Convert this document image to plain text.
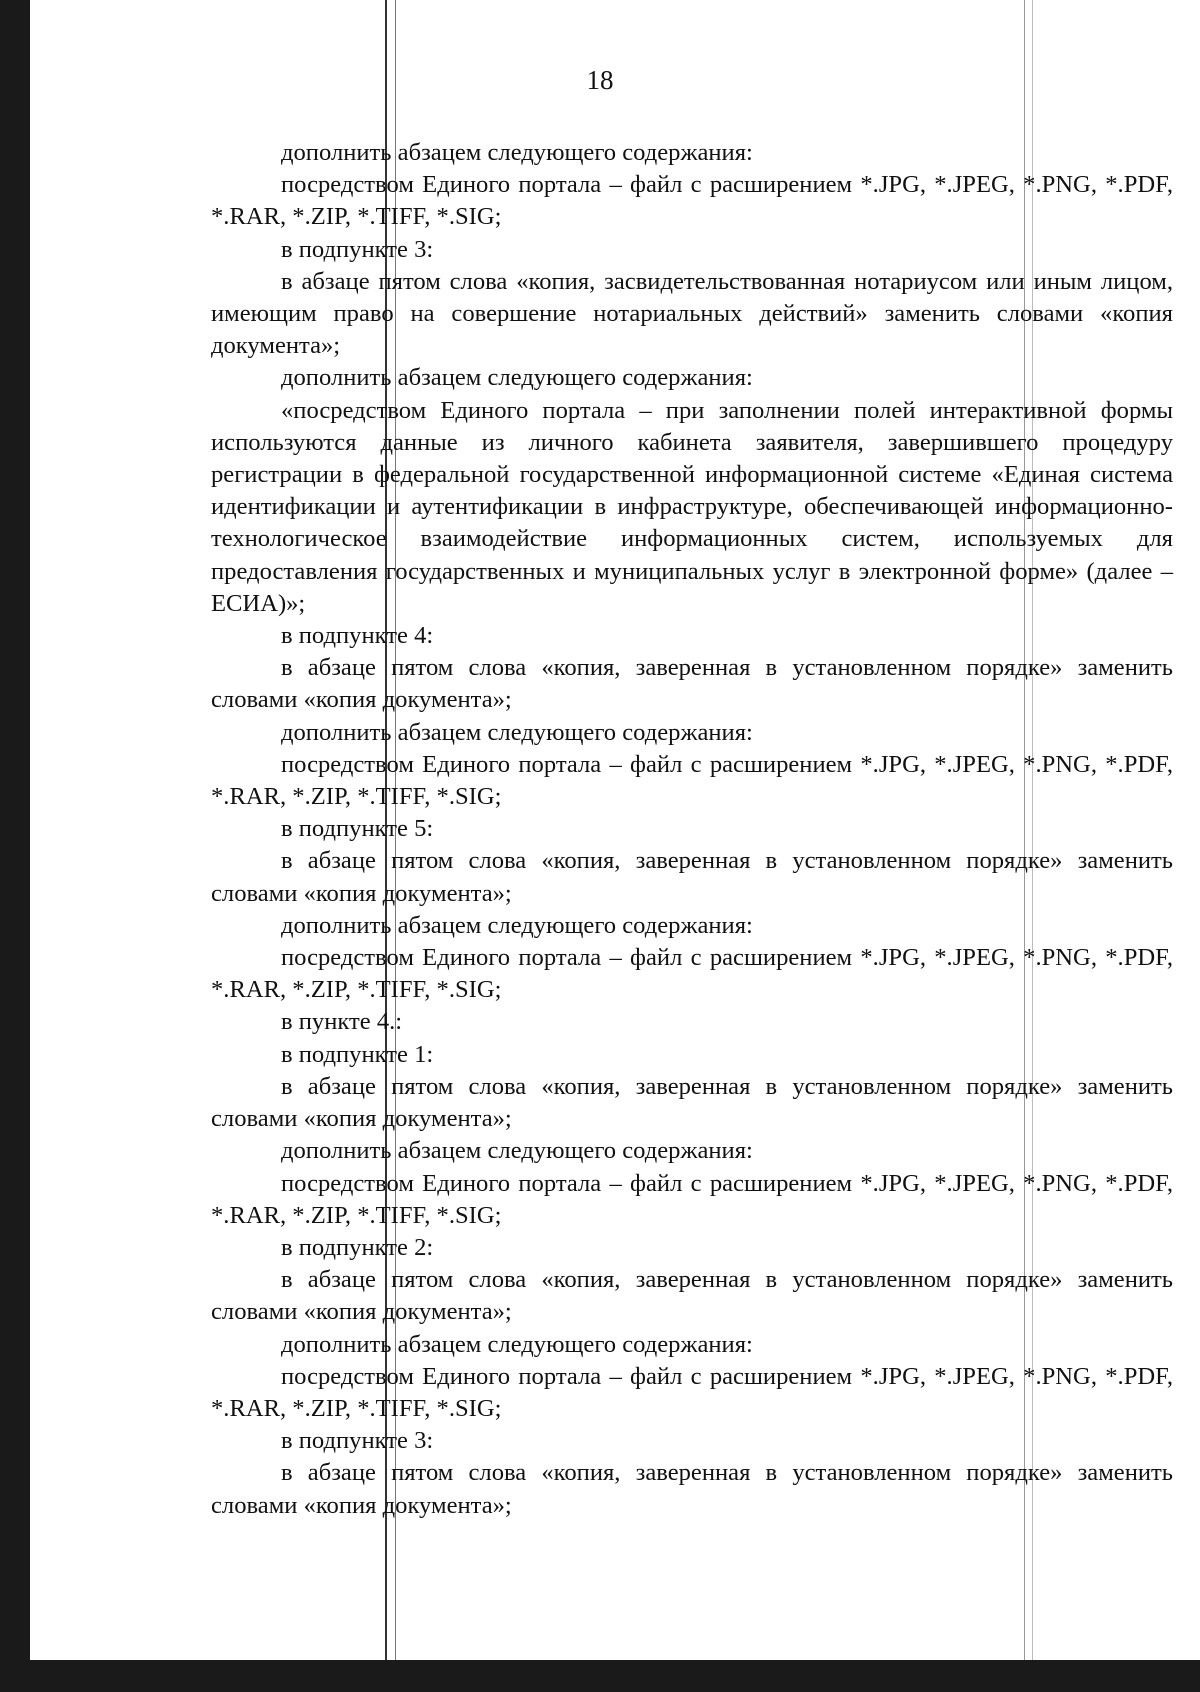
18

дополнить абзацем следующего содержания:

посредством Единого портала – файл с расширением *.JPG, *.JPEG, *.PNG, *.PDF, *.RAR, *.ZIP, *.TIFF, *.SIG;

в подпункте 3:

в абзаце пятом слова «копия, засвидетельствованная нотариусом или иным лицом, имеющим право на совершение нотариальных действий» заменить словами «копия документа»;

дополнить абзацем следующего содержания:

«посредством Единого портала – при заполнении полей интерактивной формы используются данные из личного кабинета заявителя, завершившего процедуру регистрации в федеральной государственной информационной системе «Единая система идентификации и аутентификации в инфраструктуре, обеспечивающей информационно-технологическое взаимодействие информационных систем, используемых для предоставления государственных и муниципальных услуг в электронной форме» (далее – ЕСИА)»;

в подпункте 4:

в абзаце пятом слова «копия, заверенная в установленном порядке» заменить словами «копия документа»;

дополнить абзацем следующего содержания:

посредством Единого портала – файл с расширением *.JPG, *.JPEG, *.PNG, *.PDF, *.RAR, *.ZIP, *.TIFF, *.SIG;

в подпункте 5:

в абзаце пятом слова «копия, заверенная в установленном порядке» заменить словами «копия документа»;

дополнить абзацем следующего содержания:

посредством Единого портала – файл с расширением *.JPG, *.JPEG, *.PNG, *.PDF, *.RAR, *.ZIP, *.TIFF, *.SIG;

в пункте 4.:

в подпункте 1:

в абзаце пятом слова «копия, заверенная в установленном порядке» заменить словами «копия документа»;

дополнить абзацем следующего содержания:

посредством Единого портала – файл с расширением *.JPG, *.JPEG, *.PNG, *.PDF, *.RAR, *.ZIP, *.TIFF, *.SIG;

в подпункте 2:

в абзаце пятом слова «копия, заверенная в установленном порядке» заменить словами «копия документа»;

дополнить абзацем следующего содержания:

посредством Единого портала – файл с расширением *.JPG, *.JPEG, *.PNG, *.PDF, *.RAR, *.ZIP, *.TIFF, *.SIG;

в подпункте 3:

в абзаце пятом слова «копия, заверенная в установленном порядке» заменить словами «копия документа»;
